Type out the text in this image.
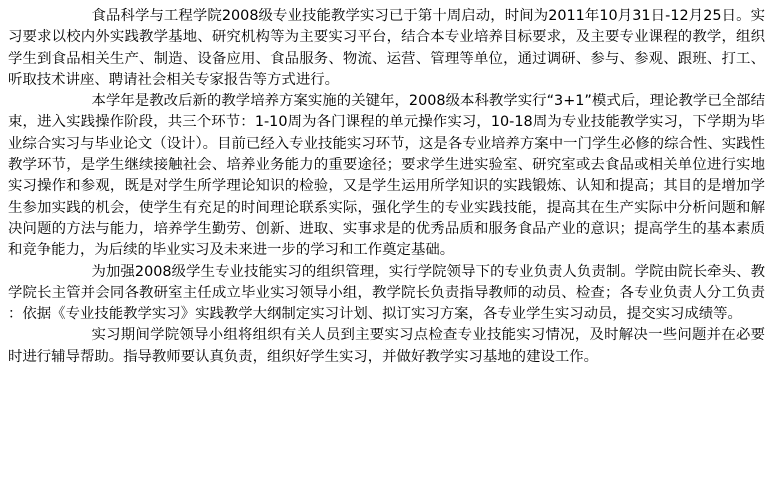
食品科学与工程学院2008级专业技能教学实习已于第十周启动，时间为2011年10月31日-12月25日。实习要求以校内外实践教学基地、研究机构等为主要实习平台，结合本专业培养目标要求，及主要专业课程的教学，组织学生到食品相关生产、制造、设备应用、食品服务、物流、运营、管理等单位，通过调研、参与、参观、跟班、打工、听取技术讲座、聘请社会相关专家报告等方式进行。

本学年是教改后新的教学培养方案实施的关键年，2008级本科教学实行“3+1”模式后，理论教学已全部结束，进入实践操作阶段，共三个环节：1-10周为各门课程的单元操作实习，10-18周为专业技能教学实习，下学期为毕业综合实习与毕业论文（设计）。目前已经入专业技能实习环节，这是各专业培养方案中一门学生必修的综合性、实践性教学环节，是学生继续接触社会、培养业务能力的重要途径；要求学生进实验室、研究室或去食品或相关单位进行实地实习操作和参观，既是对学生所学理论知识的检验，又是学生运用所学知识的实践锻炼、认知和提高；其目的是增加学生参加实践的机会，使学生有充足的时间理论联系实际，强化学生的专业实践技能，提高其在生产实际中分析问题和解决问题的方法与能力，培养学生勤劳、创新、进取、实事求是的优秀品质和服务食品产业的意识；提高学生的基本素质和竞争能力，为后续的毕业实习及未来进一步的学习和工作奠定基础。

为加强2008级学生专业技能实习的组织管理，实行学院领导下的专业负责人负责制。学院由院长牵头、教学院长主管并会同各教研室主任成立毕业实习领导小组，教学院长负责指导教师的动员、检查；各专业负责人分工负责：依据《专业技能教学实习》实践教学大纲制定实习计划、拟订实习方案，各专业学生实习动员，提交实习成绩等。

实习期间学院领导小组将组织有关人员到主要实习点检查专业技能实习情况，及时解决一些问题并在必要时进行辅导帮助。指导教师要认真负责，组织好学生实习，并做好教学实习基地的建设工作。
